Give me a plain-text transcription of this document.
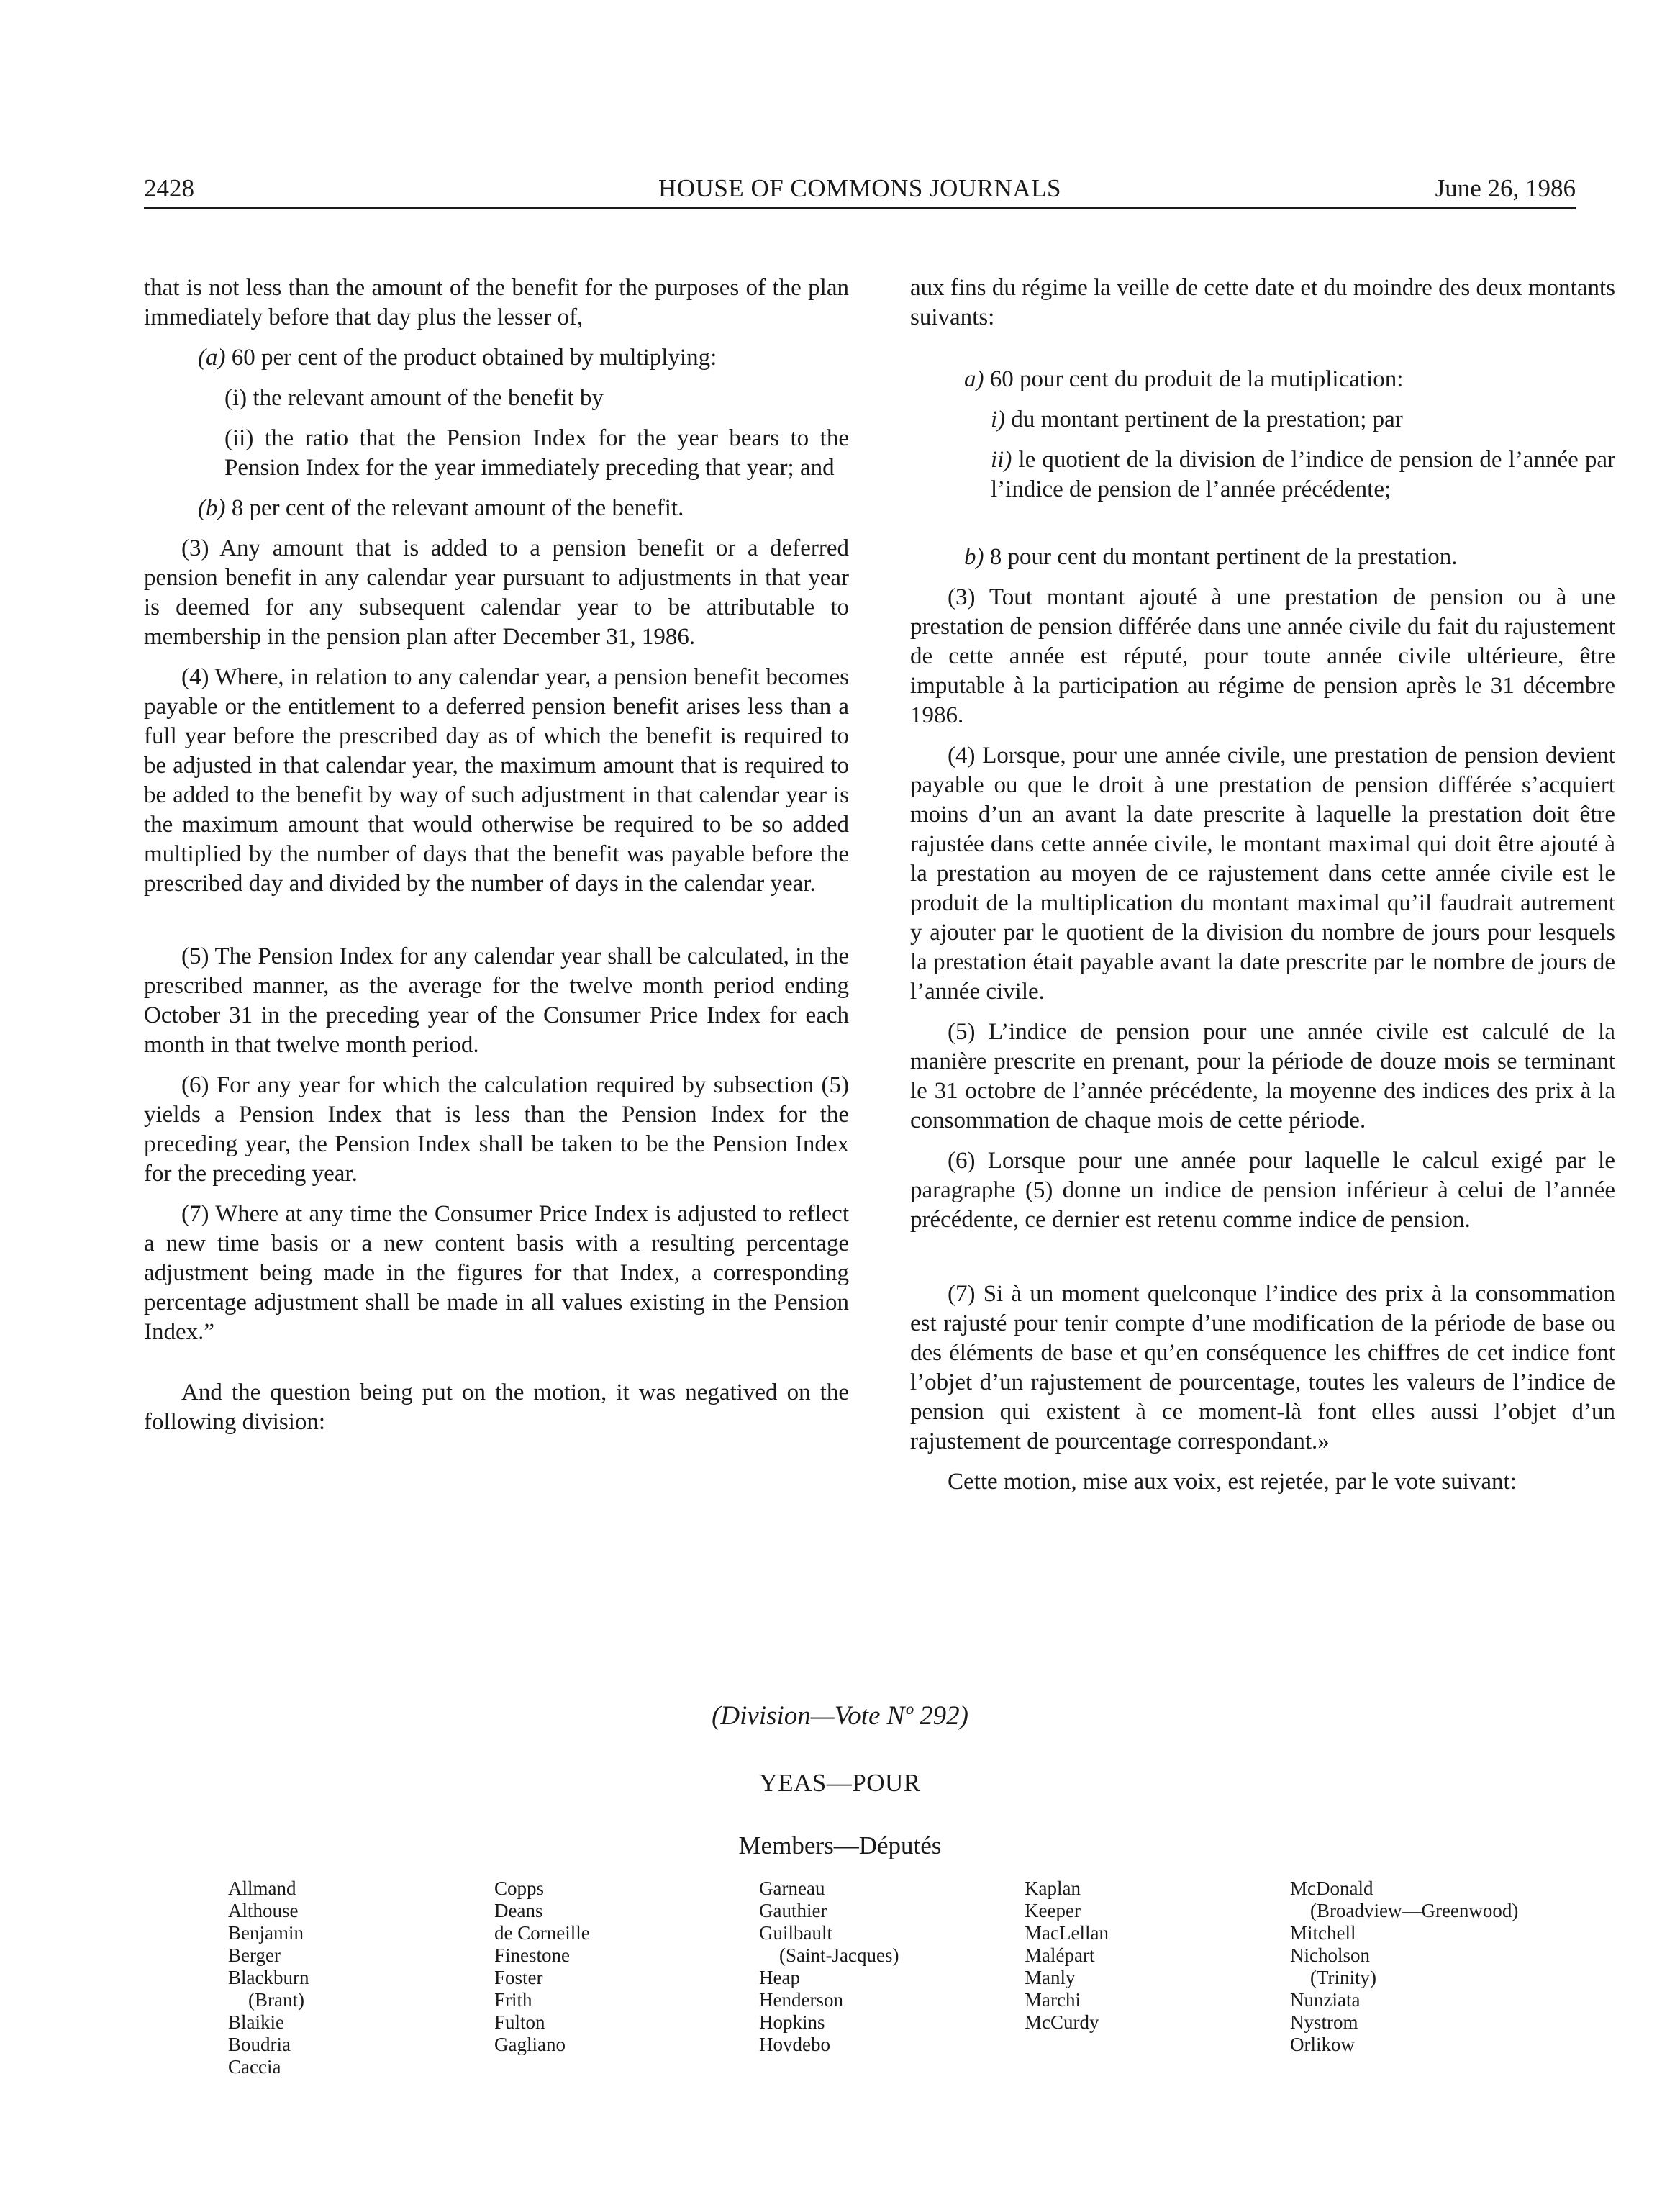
2428	HOUSE OF COMMONS JOURNALS	June 26, 1986

that is not less than the amount of the benefit for the purposes of the plan immediately before that day plus the lesser of,

(a) 60 per cent of the product obtained by multiplying:

(i) the relevant amount of the benefit by

(ii) the ratio that the Pension Index for the year bears to the Pension Index for the year immediately preceding that year; and

(b) 8 per cent of the relevant amount of the benefit.

(3) Any amount that is added to a pension benefit or a deferred pension benefit in any calendar year pursuant to adjustments in that year is deemed for any subsequent calendar year to be attributable to membership in the pension plan after December 31, 1986.

(4) Where, in relation to any calendar year, a pension benefit becomes payable or the entitlement to a deferred pension benefit arises less than a full year before the prescribed day as of which the benefit is required to be adjusted in that calendar year, the maximum amount that is required to be added to the benefit by way of such adjustment in that calendar year is the maximum amount that would otherwise be required to be so added multiplied by the number of days that the benefit was payable before the prescribed day and divided by the number of days in the calendar year.

(5) The Pension Index for any calendar year shall be calculated, in the prescribed manner, as the average for the twelve month period ending October 31 in the preceding year of the Consumer Price Index for each month in that twelve month period.

(6) For any year for which the calculation required by subsection (5) yields a Pension Index that is less than the Pension Index for the preceding year, the Pension Index shall be taken to be the Pension Index for the preceding year.

(7) Where at any time the Consumer Price Index is adjusted to reflect a new time basis or a new content basis with a resulting percentage adjustment being made in the figures for that Index, a corresponding percentage adjustment shall be made in all values existing in the Pension Index.”

And the question being put on the motion, it was negatived on the following division:

aux fins du régime la veille de cette date et du moindre des deux montants suivants:

a) 60 pour cent du produit de la mutiplication:

i) du montant pertinent de la prestation; par

ii) le quotient de la division de l’indice de pension de l’année par l’indice de pension de l’année précédente;

b) 8 pour cent du montant pertinent de la prestation.

(3) Tout montant ajouté à une prestation de pension ou à une prestation de pension différée dans une année civile du fait du rajustement de cette année est réputé, pour toute année civile ultérieure, être imputable à la participation au régime de pension après le 31 décembre 1986.

(4) Lorsque, pour une année civile, une prestation de pension devient payable ou que le droit à une prestation de pension différée s’acquiert moins d’un an avant la date prescrite à laquelle la prestation doit être rajustée dans cette année civile, le montant maximal qui doit être ajouté à la prestation au moyen de ce rajustement dans cette année civile est le produit de la multiplication du montant maximal qu’il faudrait autrement y ajouter par le quotient de la division du nombre de jours pour lesquels la prestation était payable avant la date prescrite par le nombre de jours de l’année civile.

(5) L’indice de pension pour une année civile est calculé de la manière prescrite en prenant, pour la période de douze mois se terminant le 31 octobre de l’année précédente, la moyenne des indices des prix à la consommation de chaque mois de cette période.

(6) Lorsque pour une année pour laquelle le calcul exigé par le paragraphe (5) donne un indice de pension inférieur à celui de l’année précédente, ce dernier est retenu comme indice de pension.

(7) Si à un moment quelconque l’indice des prix à la consommation est rajusté pour tenir compte d’une modification de la période de base ou des éléments de base et qu’en conséquence les chiffres de cet indice font l’objet d’un rajustement de pourcentage, toutes les valeurs de l’indice de pension qui existent à ce moment-là font elles aussi l’objet d’un rajustement de pourcentage correspondant.»

Cette motion, mise aux voix, est rejetée, par le vote suivant:

(Division—Vote Nº 292)
YEAS—POUR
Members—Députés
Allmand
Althouse
Benjamin
Berger
Blackburn
(Brant)
Blaikie
Boudria
Caccia
Copps
Deans
de Corneille
Finestone
Foster
Frith
Fulton
Gagliano
Garneau
Gauthier
Guilbault
(Saint-Jacques)
Heap
Henderson
Hopkins
Hovdebo
Kaplan
Keeper
MacLellan
Malépart
Manly
Marchi
McCurdy
McDonald
(Broadview—Greenwood)
Mitchell
Nicholson
(Trinity)
Nunziata
Nystrom
Orlikow
